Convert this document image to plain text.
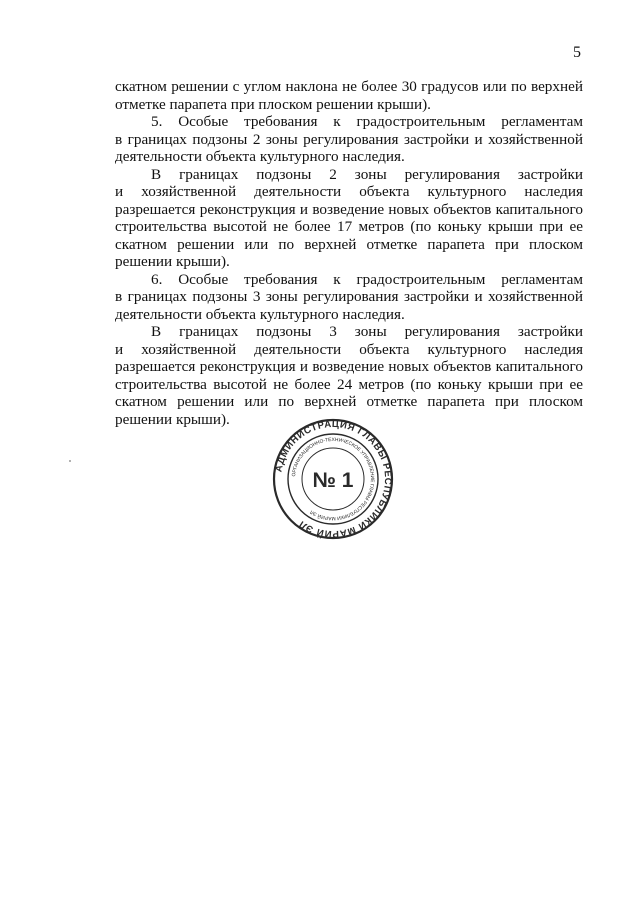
5
скатном решении с углом наклона не более 30 градусов или по верхней
отметке парапета при плоском решении крыши).
5. Особые требования к градостроительным регламентам
в границах подзоны 2 зоны регулирования застройки и хозяйственной
деятельности объекта культурного наследия.
В границах подзоны 2 зоны регулирования застройки
и хозяйственной деятельности объекта культурного наследия
разрешается реконструкция и возведение новых объектов капитального
строительства высотой не более 17 метров (по коньку крыши при ее
скатном решении или по верхней отметке парапета при плоском
решении крыши).
6. Особые требования к градостроительным регламентам
в границах подзоны 3 зоны регулирования застройки и хозяйственной
деятельности объекта культурного наследия.
В границах подзоны 3 зоны регулирования застройки
и хозяйственной деятельности объекта культурного наследия
разрешается реконструкция и возведение новых объектов капитального
строительства высотой не более 24 метров (по коньку крыши при ее
скатном решении или по верхней отметке парапета при плоском
решении крыши).
АДМИНИСТРАЦИЯ ГЛАВЫ РЕСПУБЛИКИ МАРИЙ ЭЛ
ОРГАНИЗАЦИОННО-ТЕХНИЧЕСКОЕ УПРАВЛЕНИЕ ГЛАВЫ РЕСПУБЛИКИ МАРИЙ ЭЛ
№ 1
